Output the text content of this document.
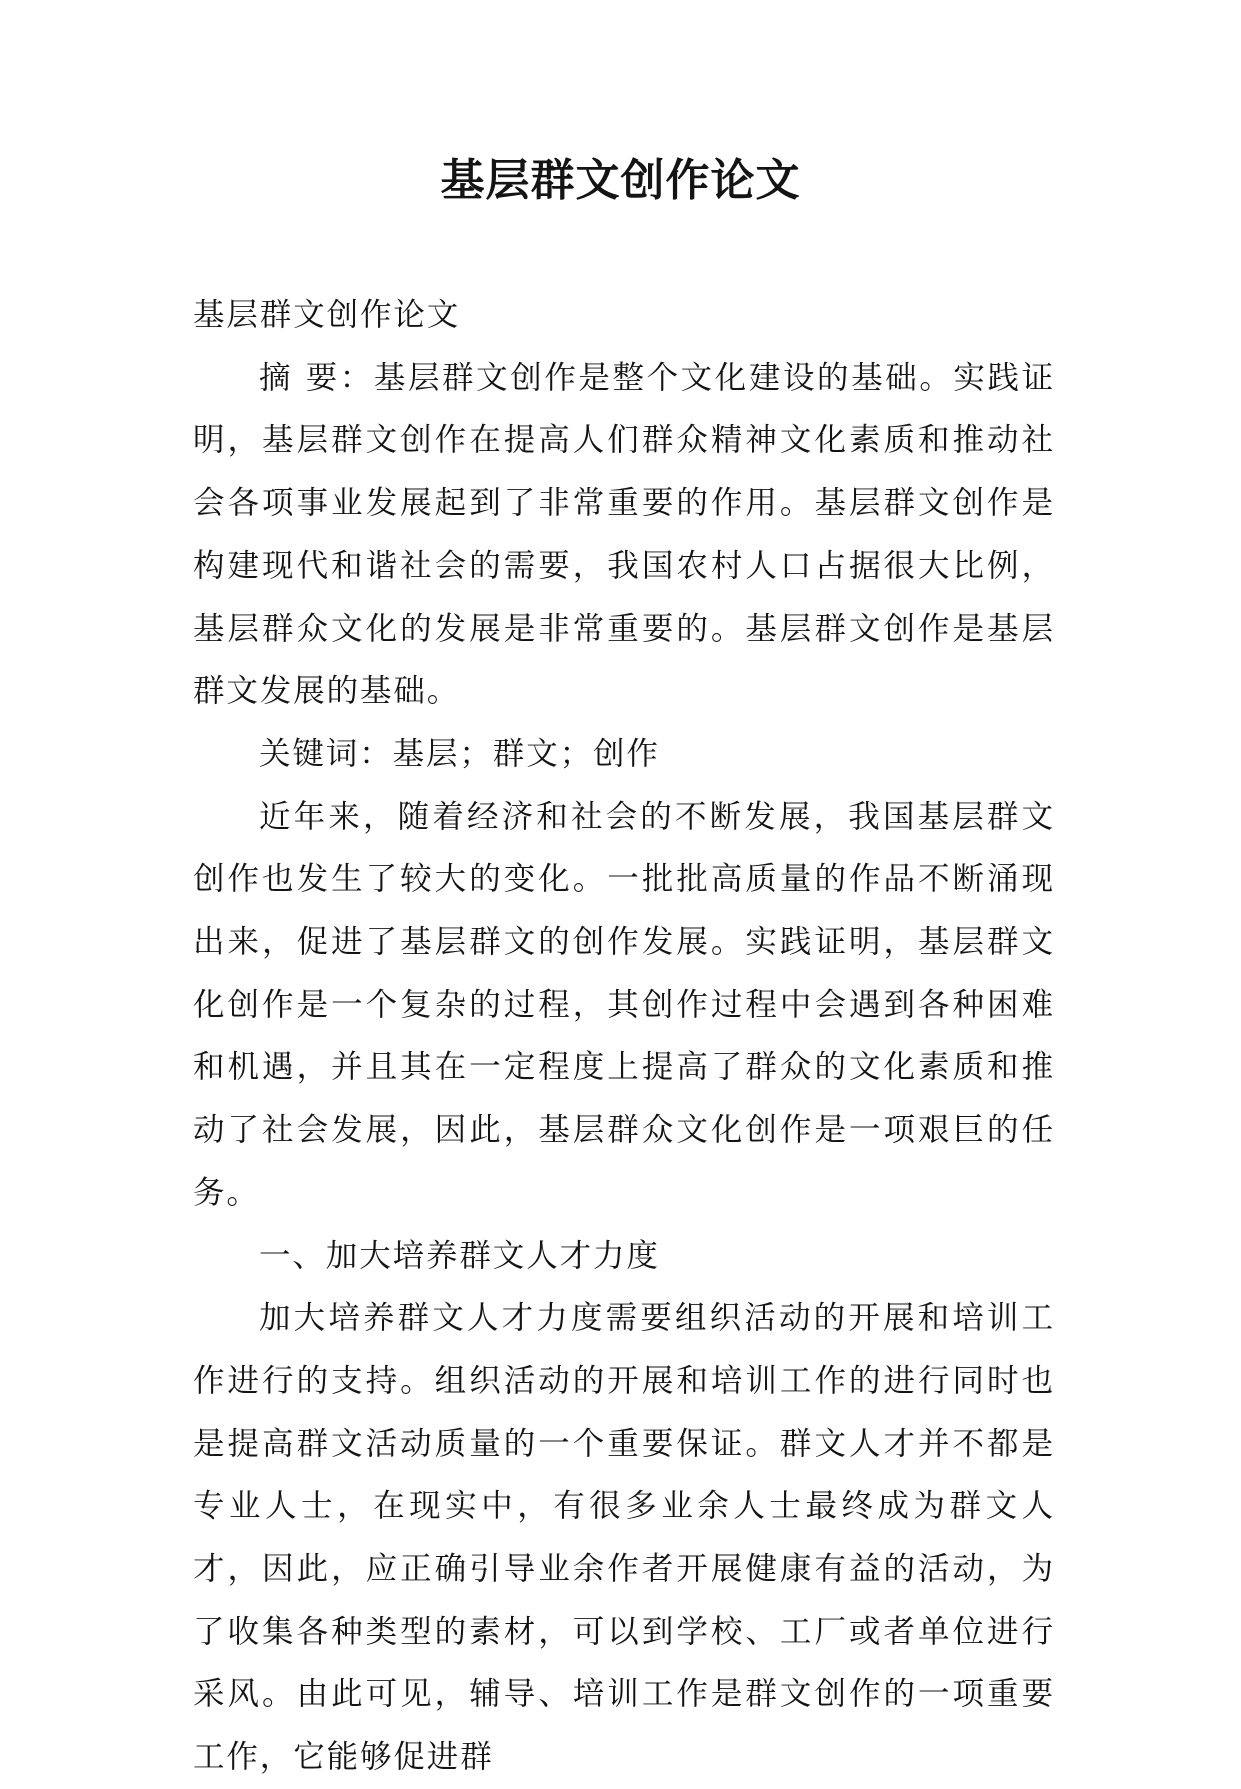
基层群文创作论文

基层群文创作论文

摘 要：基层群文创作是整个文化建设的基础。实践证明，基层群文创作在提高人们群众精神文化素质和推动社会各项事业发展起到了非常重要的作用。基层群文创作是构建现代和谐社会的需要，我国农村人口占据很大比例，基层群众文化的发展是非常重要的。基层群文创作是基层群文发展的基础。

关键词：基层；群文；创作

近年来，随着经济和社会的不断发展，我国基层群文创作也发生了较大的变化。一批批高质量的作品不断涌现出来，促进了基层群文的创作发展。实践证明，基层群文化创作是一个复杂的过程，其创作过程中会遇到各种困难和机遇，并且其在一定程度上提高了群众的文化素质和推动了社会发展，因此，基层群众文化创作是一项艰巨的任务。

一、加大培养群文人才力度

加大培养群文人才力度需要组织活动的开展和培训工作进行的支持。组织活动的开展和培训工作的进行同时也是提高群文活动质量的一个重要保证。群文人才并不都是专业人士，在现实中，有很多业余人士最终成为群文人才，因此，应正确引导业余作者开展健康有益的活动，为了收集各种类型的素材，可以到学校、工厂或者单位进行采风。由此可见，辅导、培训工作是群文创作的一项重要工作，它能够促进群
